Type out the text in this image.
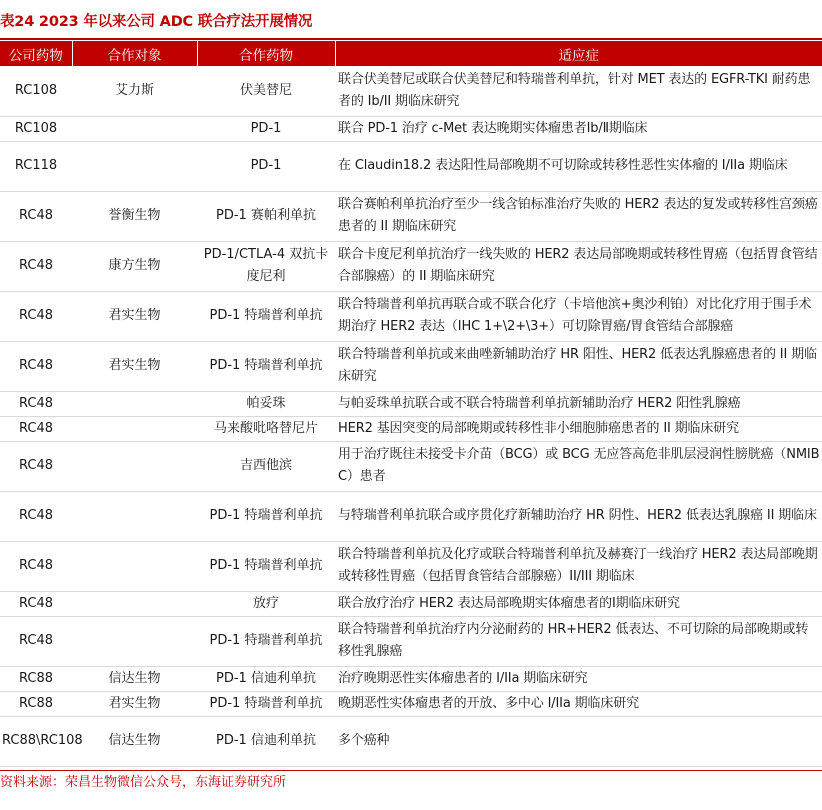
表24 2023 年以来公司 ADC 联合疗法开展情况
公司药物	合作对象	合作药物	适应症
RC108	艾力斯	伏美替尼	联合伏美替尼或联合伏美替尼和特瑞普利单抗，针对 MET 表达的 EGFR-TKI 耐药患者的 Ib/II 期临床研究
RC108		PD-1	联合 PD-1 治疗 c-Met 表达晚期实体瘤患者Ⅰb/Ⅱ期临床
RC118		PD-1	在 Claudin18.2 表达阳性局部晚期不可切除或转移性恶性实体瘤的 I/IIa 期临床
RC48	誉衡生物	PD-1 赛帕利单抗	联合赛帕利单抗治疗至少一线含铂标准治疗失败的 HER2 表达的复发或转移性宫颈癌患者的 II 期临床研究
RC48	康方生物	PD-1/CTLA-4 双抗卡度尼利	联合卡度尼利单抗治疗一线失败的 HER2 表达局部晚期或转移性胃癌（包括胃食管结合部腺癌）的 II 期临床研究
RC48	君实生物	PD-1 特瑞普利单抗	联合特瑞普利单抗再联合或不联合化疗（卡培他滨+奥沙利铂）对比化疗用于围手术期治疗 HER2 表达（IHC 1+\2+\3+）可切除胃癌/胃食管结合部腺癌
RC48	君实生物	PD-1 特瑞普利单抗	联合特瑞普利单抗或来曲唑新辅助治疗 HR 阳性、HER2 低表达乳腺癌患者的 II 期临床研究
RC48		帕妥珠	与帕妥珠单抗联合或不联合特瑞普利单抗新辅助治疗 HER2 阳性乳腺癌
RC48		马来酸吡咯替尼片	HER2 基因突变的局部晚期或转移性非小细胞肺癌患者的 II 期临床研究
RC48		吉西他滨	用于治疗既往未接受卡介苗（BCG）或 BCG 无应答高危非肌层浸润性膀胱癌（NMIBC）患者
RC48		PD-1 特瑞普利单抗	与特瑞普利单抗联合或序贯化疗新辅助治疗 HR 阴性、HER2 低表达乳腺癌 II 期临床
RC48		PD-1 特瑞普利单抗	联合特瑞普利单抗及化疗或联合特瑞普利单抗及赫赛汀一线治疗 HER2 表达局部晚期或转移性胃癌（包括胃食管结合部腺癌）II/III 期临床
RC48		放疗	联合放疗治疗 HER2 表达局部晚期实体瘤患者的Ⅰ期临床研究
RC48		PD-1 特瑞普利单抗	联合特瑞普利单抗治疗内分泌耐药的 HR+HER2 低表达、不可切除的局部晚期或转移性乳腺癌
RC88	信达生物	PD-1 信迪利单抗	治疗晚期恶性实体瘤患者的 I/IIa 期临床研究
RC88	君实生物	PD-1 特瑞普利单抗	晚期恶性实体瘤患者的开放、多中心 I/IIa 期临床研究
RC88\RC108	信达生物	PD-1 信迪利单抗	多个癌种
资料来源：荣昌生物微信公众号，东海证券研究所
